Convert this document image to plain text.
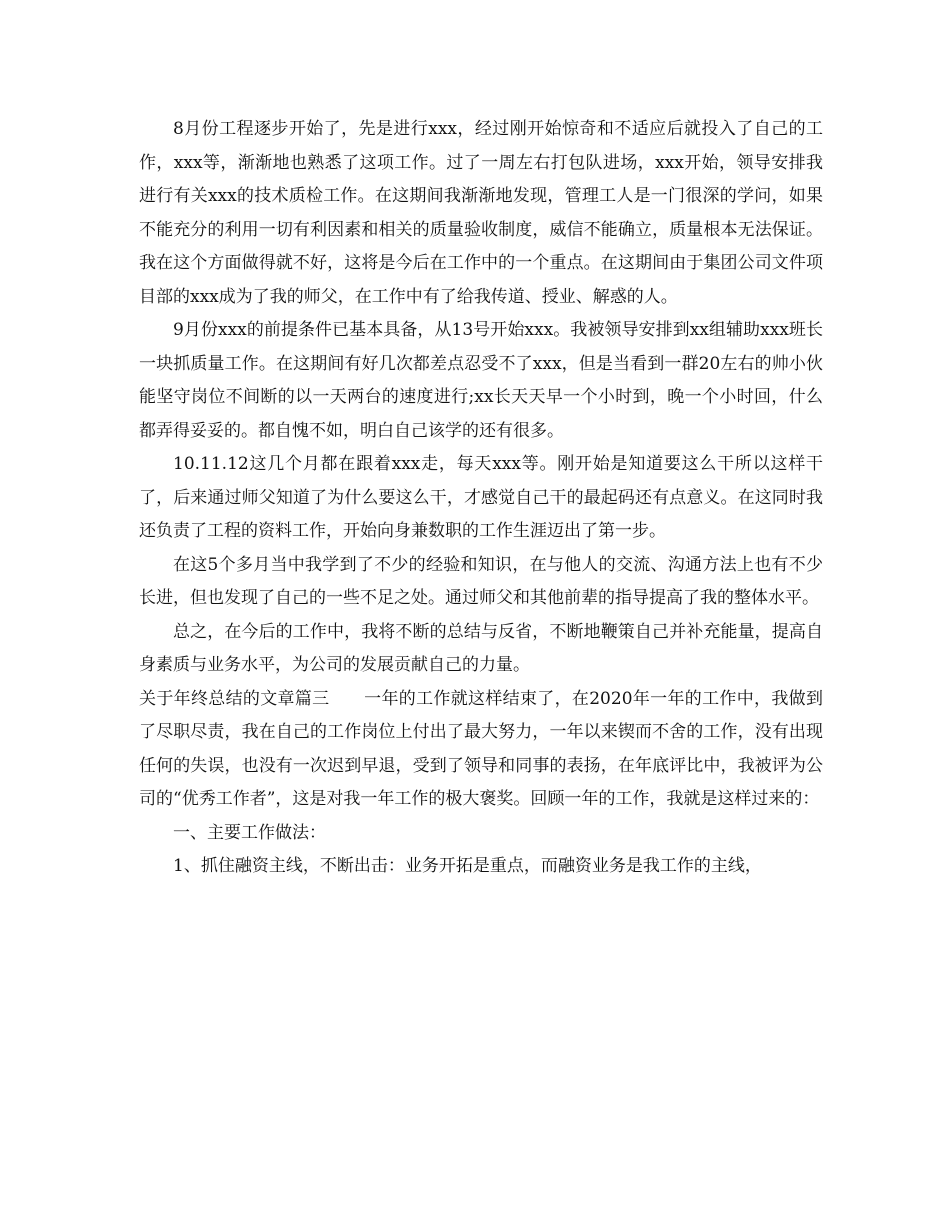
8月份工程逐步开始了，先是进行xxx，经过刚开始惊奇和不适应后就投入了自己的工作，xxx等，渐渐地也熟悉了这项工作。过了一周左右打包队进场，xxx开始，领导安排我进行有关xxx的技术质检工作。在这期间我渐渐地发现，管理工人是一门很深的学问，如果不能充分的利用一切有利因素和相关的质量验收制度，威信不能确立，质量根本无法保证。我在这个方面做得就不好，这将是今后在工作中的一个重点。在这期间由于集团公司文件项目部的xxx成为了我的师父，在工作中有了给我传道、授业、解惑的人。

9月份xxx的前提条件已基本具备，从13号开始xxx。我被领导安排到xx组辅助xxx班长一块抓质量工作。在这期间有好几次都差点忍受不了xxx，但是当看到一群20左右的帅小伙能坚守岗位不间断的以一天两台的速度进行;xx长天天早一个小时到，晚一个小时回，什么都弄得妥妥的。都自愧不如，明白自己该学的还有很多。

10.11.12这几个月都在跟着xxx走，每天xxx等。刚开始是知道要这么干所以这样干了，后来通过师父知道了为什么要这么干，才感觉自己干的最起码还有点意义。在这同时我还负责了工程的资料工作，开始向身兼数职的工作生涯迈出了第一步。

在这5个多月当中我学到了不少的经验和知识，在与他人的交流、沟通方法上也有不少长进，但也发现了自己的一些不足之处。通过师父和其他前辈的指导提高了我的整体水平。

总之，在今后的工作中，我将不断的总结与反省，不断地鞭策自己并补充能量，提高自身素质与业务水平，为公司的发展贡献自己的力量。

关于年终总结的文章篇三　　一年的工作就这样结束了，在2020年一年的工作中，我做到了尽职尽责，我在自己的工作岗位上付出了最大努力，一年以来锲而不舍的工作，没有出现任何的失误，也没有一次迟到早退，受到了领导和同事的表扬，在年底评比中，我被评为公司的“优秀工作者”，这是对我一年工作的极大褒奖。回顾一年的工作，我就是这样过来的：

一、主要工作做法：

1、抓住融资主线，不断出击：业务开拓是重点，而融资业务是我工作的主线，
